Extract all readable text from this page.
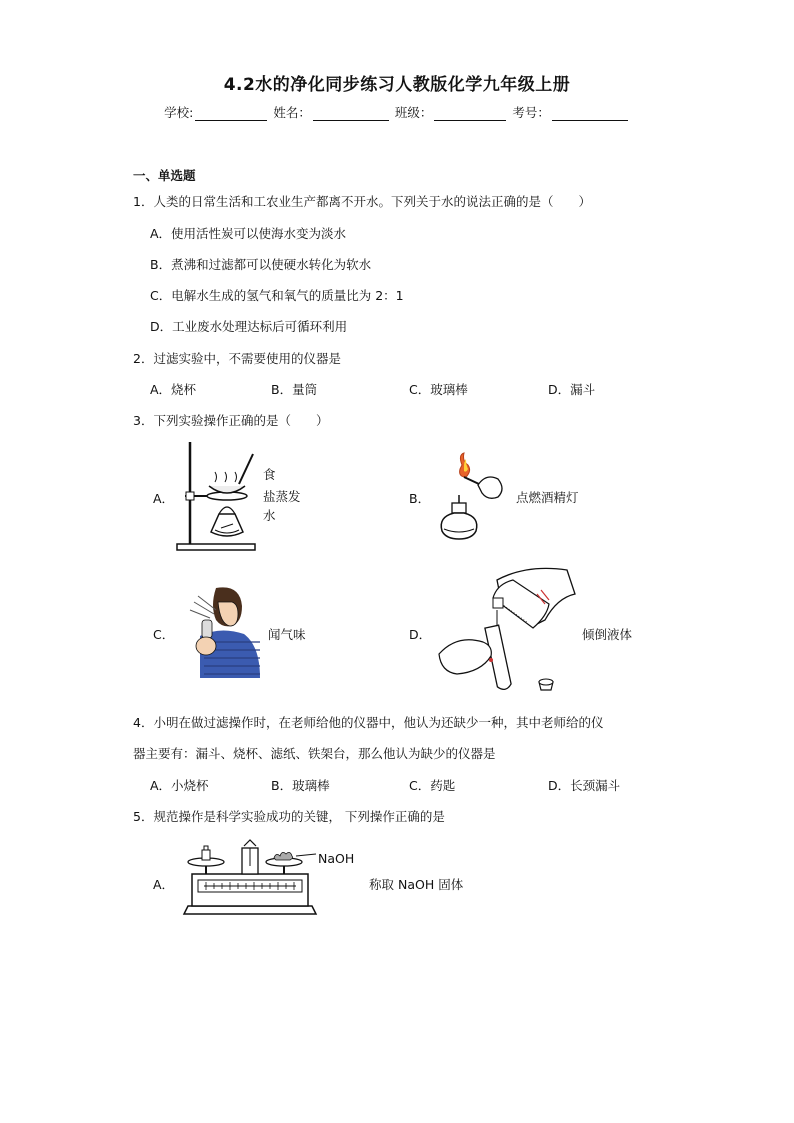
4.2水的净化同步练习人教版化学九年级上册
学校:	姓名：	班级：	考号：
一、单选题
1．人类的日常生活和工农业生产都离不开水。下列关于水的说法正确的是（　　）
A．使用活性炭可以使海水变为淡水
B．煮沸和过滤都可以使硬水转化为软水
C．电解水生成的氢气和氧气的质量比为 2：1
D．工业废水处理达标后可循环利用
2．过滤实验中，不需要使用的仪器是
A．烧杯	B．量筒	C．玻璃棒	D．漏斗
3．下列实验操作正确的是（　　）
A．
食
盐蒸发
水
B．	点燃酒精灯
C．	闻气味	D．	倾倒液体
4．小明在做过滤操作时，在老师给他的仪器中，他认为还缺少一种，其中老师给的仪
器主要有：漏斗、烧杯、滤纸、铁架台，那么他认为缺少的仪器是
A．小烧杯	B．玻璃棒	C．药匙	D．长颈漏斗
5．规范操作是科学实验成功的关键， 下列操作正确的是
A．
NaOH
称取 NaOH 固体
